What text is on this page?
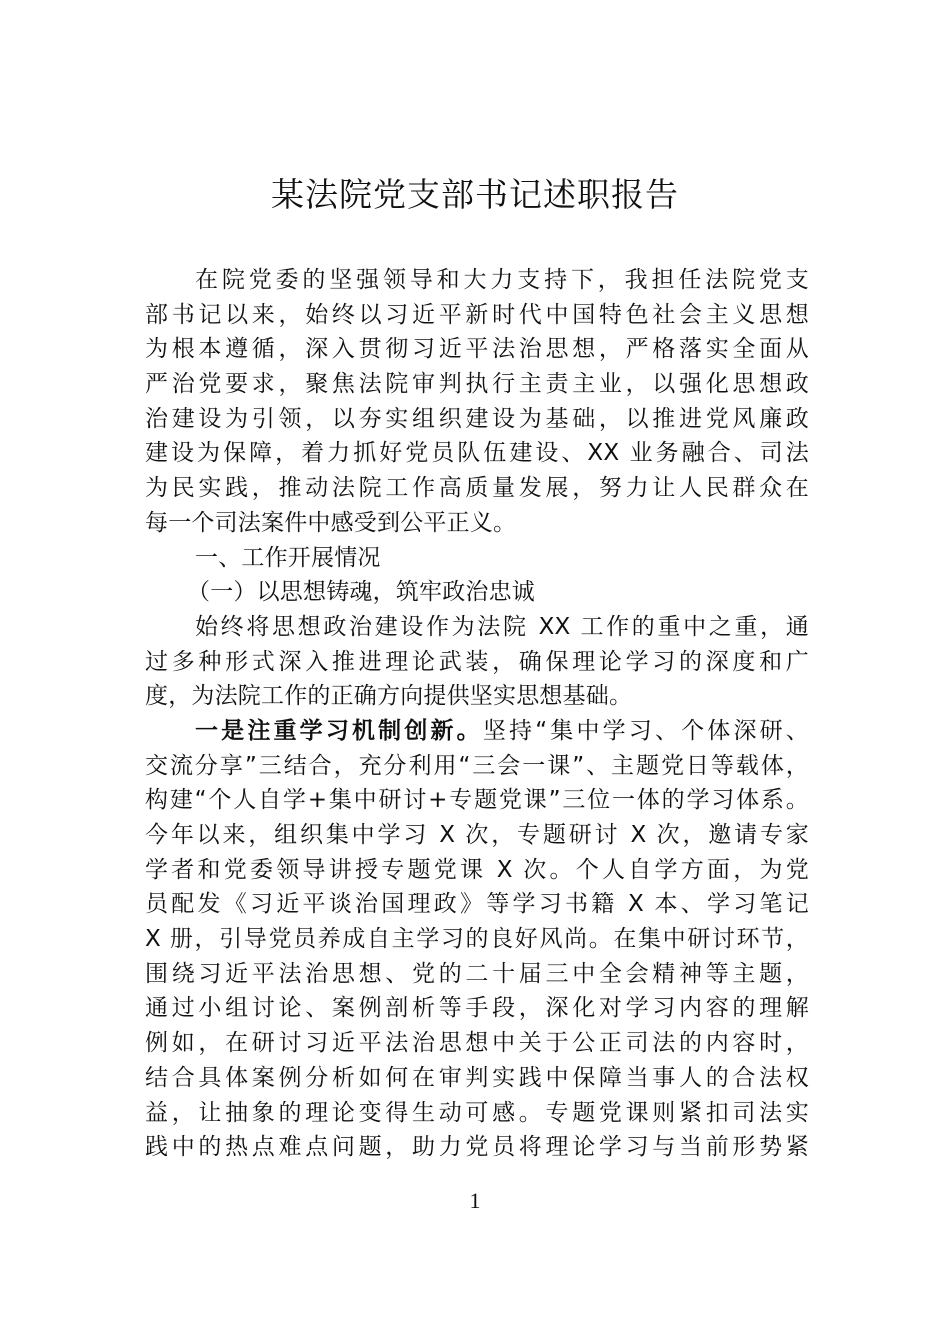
某法院党支部书记述职报告
在院党委的坚强领导和大力支持下，我担任法院党支
部书记以来，始终以习近平新时代中国特色社会主义思想
为根本遵循，深入贯彻习近平法治思想，严格落实全面从
严治党要求，聚焦法院审判执行主责主业，以强化思想政
治建设为引领，以夯实组织建设为基础，以推进党风廉政
建设为保障，着力抓好党员队伍建设、XX 业务融合、司法
为民实践，推动法院工作高质量发展，努力让人民群众在
每一个司法案件中感受到公平正义。
一、工作开展情况
（一）以思想铸魂，筑牢政治忠诚
始终将思想政治建设作为法院 XX 工作的重中之重，通
过多种形式深入推进理论武装，确保理论学习的深度和广
度，为法院工作的正确方向提供坚实思想基础。
一是注重学习机制创新。坚持“集中学习、个体深研、
交流分享”三结合，充分利用“三会一课”、主题党日等载体，
构建“个人自学+集中研讨+专题党课”三位一体的学习体系。
今年以来，组织集中学习 X 次，专题研讨 X 次，邀请专家
学者和党委领导讲授专题党课 X 次。个人自学方面，为党
员配发《习近平谈治国理政》等学习书籍 X 本、学习笔记
X 册，引导党员养成自主学习的良好风尚。在集中研讨环节，
围绕习近平法治思想、党的二十届三中全会精神等主题，
通过小组讨论、案例剖析等手段，深化对学习内容的理解
例如，在研讨习近平法治思想中关于公正司法的内容时，
结合具体案例分析如何在审判实践中保障当事人的合法权
益，让抽象的理论变得生动可感。专题党课则紧扣司法实
践中的热点难点问题，助力党员将理论学习与当前形势紧
1
